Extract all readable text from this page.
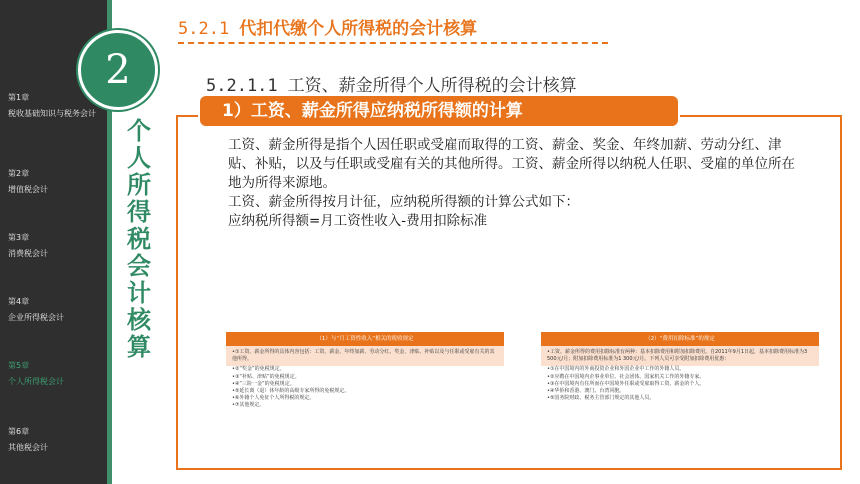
第1章
税收基础知识与税务会计
第2章
增值税会计
第3章
消费税会计
第4章
企业所得税会计
第5章
个人所得税会计
第6章
其他税会计
2
个人所得税会计核算
5.2.1 代扣代缴个人所得税的会计核算
5.2.1.1 工资、薪金所得个人所得税的会计核算
1）工资、薪金所得应纳税所得额的计算

工资、薪金所得是指个人因任职或受雇而取得的工资、薪金、奖金、年终加薪、劳动分红、津贴、补贴，以及与任职或受雇有关的其他所得。工资、薪金所得以纳税人任职、受雇的单位所在地为所得来源地。

工资、薪金所得按月计征，应纳税所得额的计算公式如下：

应纳税所得额=月工资性收入-费用扣除标准

（1）与“月工资性收入”相关的税收规定
•①工资、薪金所得的具体内容包括：工资、薪金、年终加薪、劳动分红、奖金、津贴、补贴以及与任职或受雇有关的其他所得。
•②“奖金”的免税规定。
•③“补贴、津贴”的免税规定。
•④“三险一金”的免税规定。
•⑤延长离（退）休年龄的高级专家所得的免税规定。
•⑥外籍个人免征个人所得税的规定。
•⑦其他规定。
（2）“费用扣除标准”的规定
•工资、薪金所得的费用扣除标准有两种：基本扣除费用和附加扣除费用。自2011年9月1日起，基本扣除费用标准为3 500元/月；附加扣除费用标准为1 300元/月。下列人员可享受附加扣除费用优惠：
•①在中国境内的外商投资企业和外国企业中工作的外籍人员。
•②应聘在中国境内企事业单位、社会团体、国家机关工作的外籍专家。
•③在中国境内有住所而在中国境外任职或受雇取得工资、薪金的个人。
•④华侨和香港、澳门、台湾同胞。
•⑤国务院财政、税务主管部门规定的其他人员。
